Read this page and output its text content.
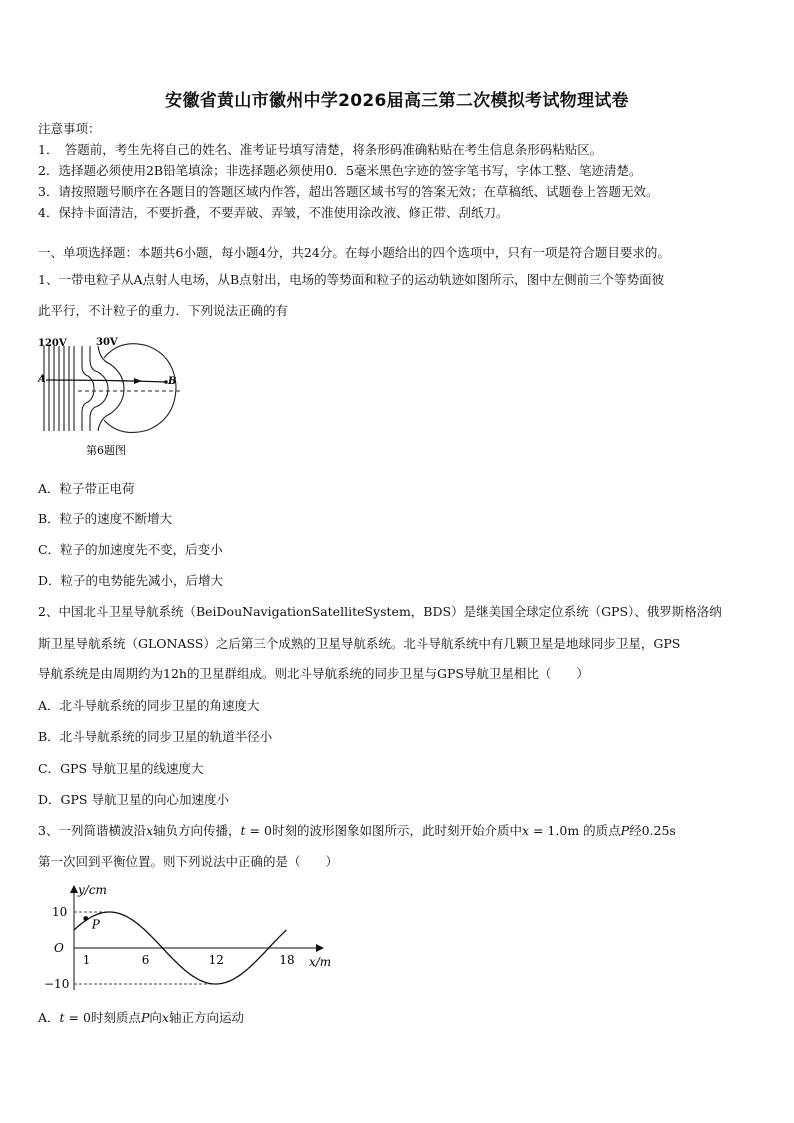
安徽省黄山市徽州中学2026届高三第二次模拟考试物理试卷
注意事项：
1．　答题前，考生先将自己的姓名、准考证号填写清楚，将条形码准确粘贴在考生信息条形码粘贴区。
2．选择题必须使用2B铅笔填涂；非选择题必须使用0．5毫米黑色字迹的签字笔书写，字体工整、笔迹清楚。
3．请按照题号顺序在各题目的答题区域内作答，超出答题区域书写的答案无效；在草稿纸、试题卷上答题无效。
4．保持卡面清洁，不要折叠，不要弄破、弄皱，不准使用涂改液、修正带、刮纸刀。
一、单项选择题：本题共6小题，每小题4分，共24分。在每小题给出的四个选项中，只有一项是符合题目要求的。
1、一带电粒子从A点射人电场，从B点射出，电场的等势面和粒子的运动轨迹如图所示，图中左侧前三个等势面彼
此平行，不计粒子的重力．下列说法正确的有
120V	30V
A	B
第6题图
A．粒子带正电荷
B．粒子的速度不断增大
C．粒子的加速度先不变，后变小
D．粒子的电势能先减小，后增大
2、中国北斗卫星导航系统（BeiDouNavigationSatelliteSystem，BDS）是继美国全球定位系统（GPS）、俄罗斯格洛纳
斯卫星导航系统（GLONASS）之后第三个成熟的卫星导航系统。北斗导航系统中有几颗卫星是地球同步卫星，GPS
导航系统是由周期约为12h的卫星群组成。则北斗导航系统的同步卫星与GPS导航卫星相比（　　）
A．北斗导航系统的同步卫星的角速度大
B．北斗导航系统的同步卫星的轨道半径小
C．GPS 导航卫星的线速度大
D．GPS 导航卫星的向心加速度小
3、一列简谐横波沿x轴负方向传播，t = 0时刻的波形图象如图所示，此时刻开始介质中x = 1.0m 的质点P经0.25s
第一次回到平衡位置。则下列说法中正确的是（　　）
y/cm
x/m
O
P
10
−10
1	6	12	18
A．t = 0时刻质点P向x轴正方向运动
